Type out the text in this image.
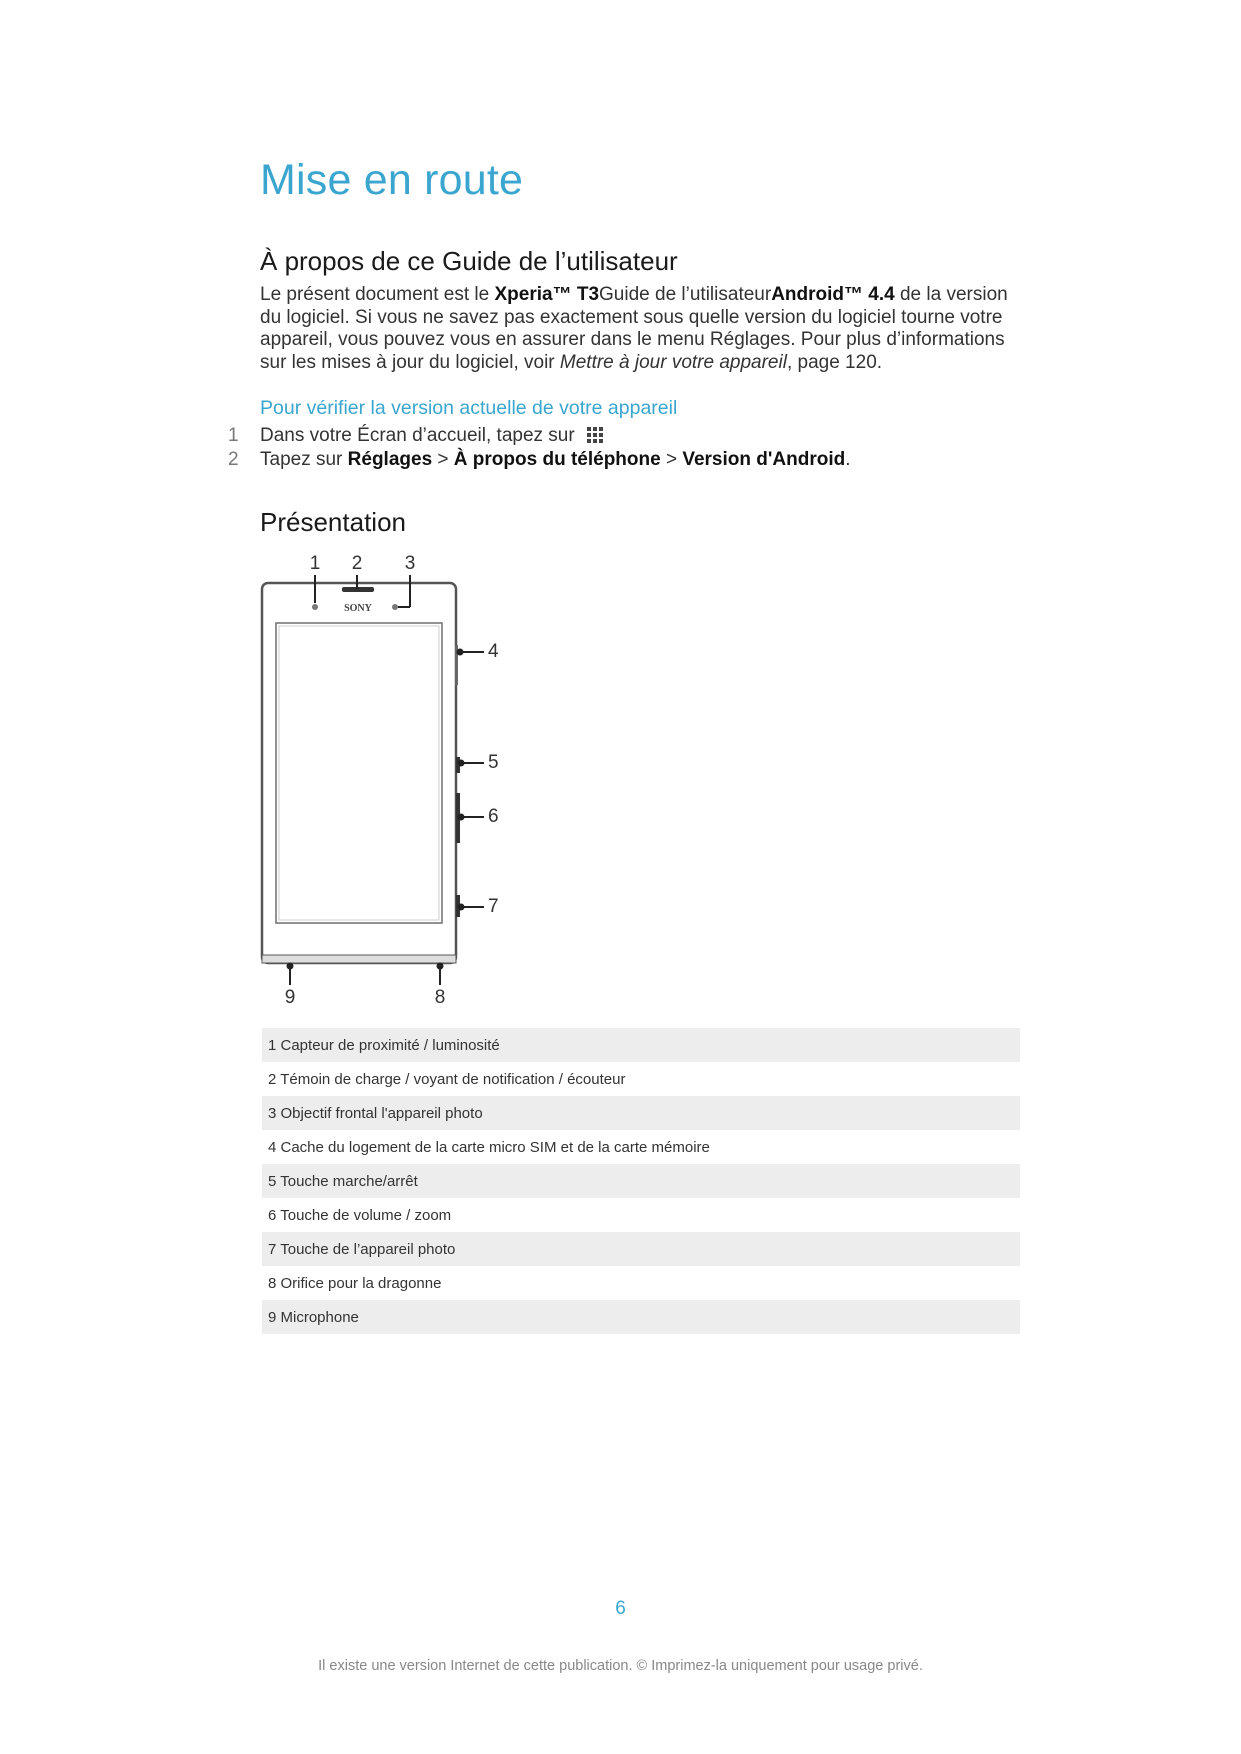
Mise en route
À propos de ce Guide de l’utilisateur

Le présent document est le Xperia™ T3Guide de l’utilisateurAndroid™ 4.4 de la version du logiciel. Si vous ne savez pas exactement sous quelle version du logiciel tourne votre appareil, vous pouvez vous en assurer dans le menu Réglages. Pour plus d’informations sur les mises à jour du logiciel, voir Mettre à jour votre appareil, page 120.

Pour vérifier la version actuelle de votre appareil
1	Dans votre Écran d’accueil, tapez sur
2	Tapez sur Réglages > À propos du téléphone > Version d'Android.
Présentation
1 2 3
4
5
6
7
8
9
SONY
1 Capteur de proximité / luminosité
2 Témoin de charge / voyant de notification / écouteur
3 Objectif frontal l'appareil photo
4 Cache du logement de la carte micro SIM et de la carte mémoire
5 Touche marche/arrêt
6 Touche de volume / zoom
7 Touche de l’appareil photo
8 Orifice pour la dragonne
9 Microphone
6
Il existe une version Internet de cette publication. © Imprimez-la uniquement pour usage privé.
